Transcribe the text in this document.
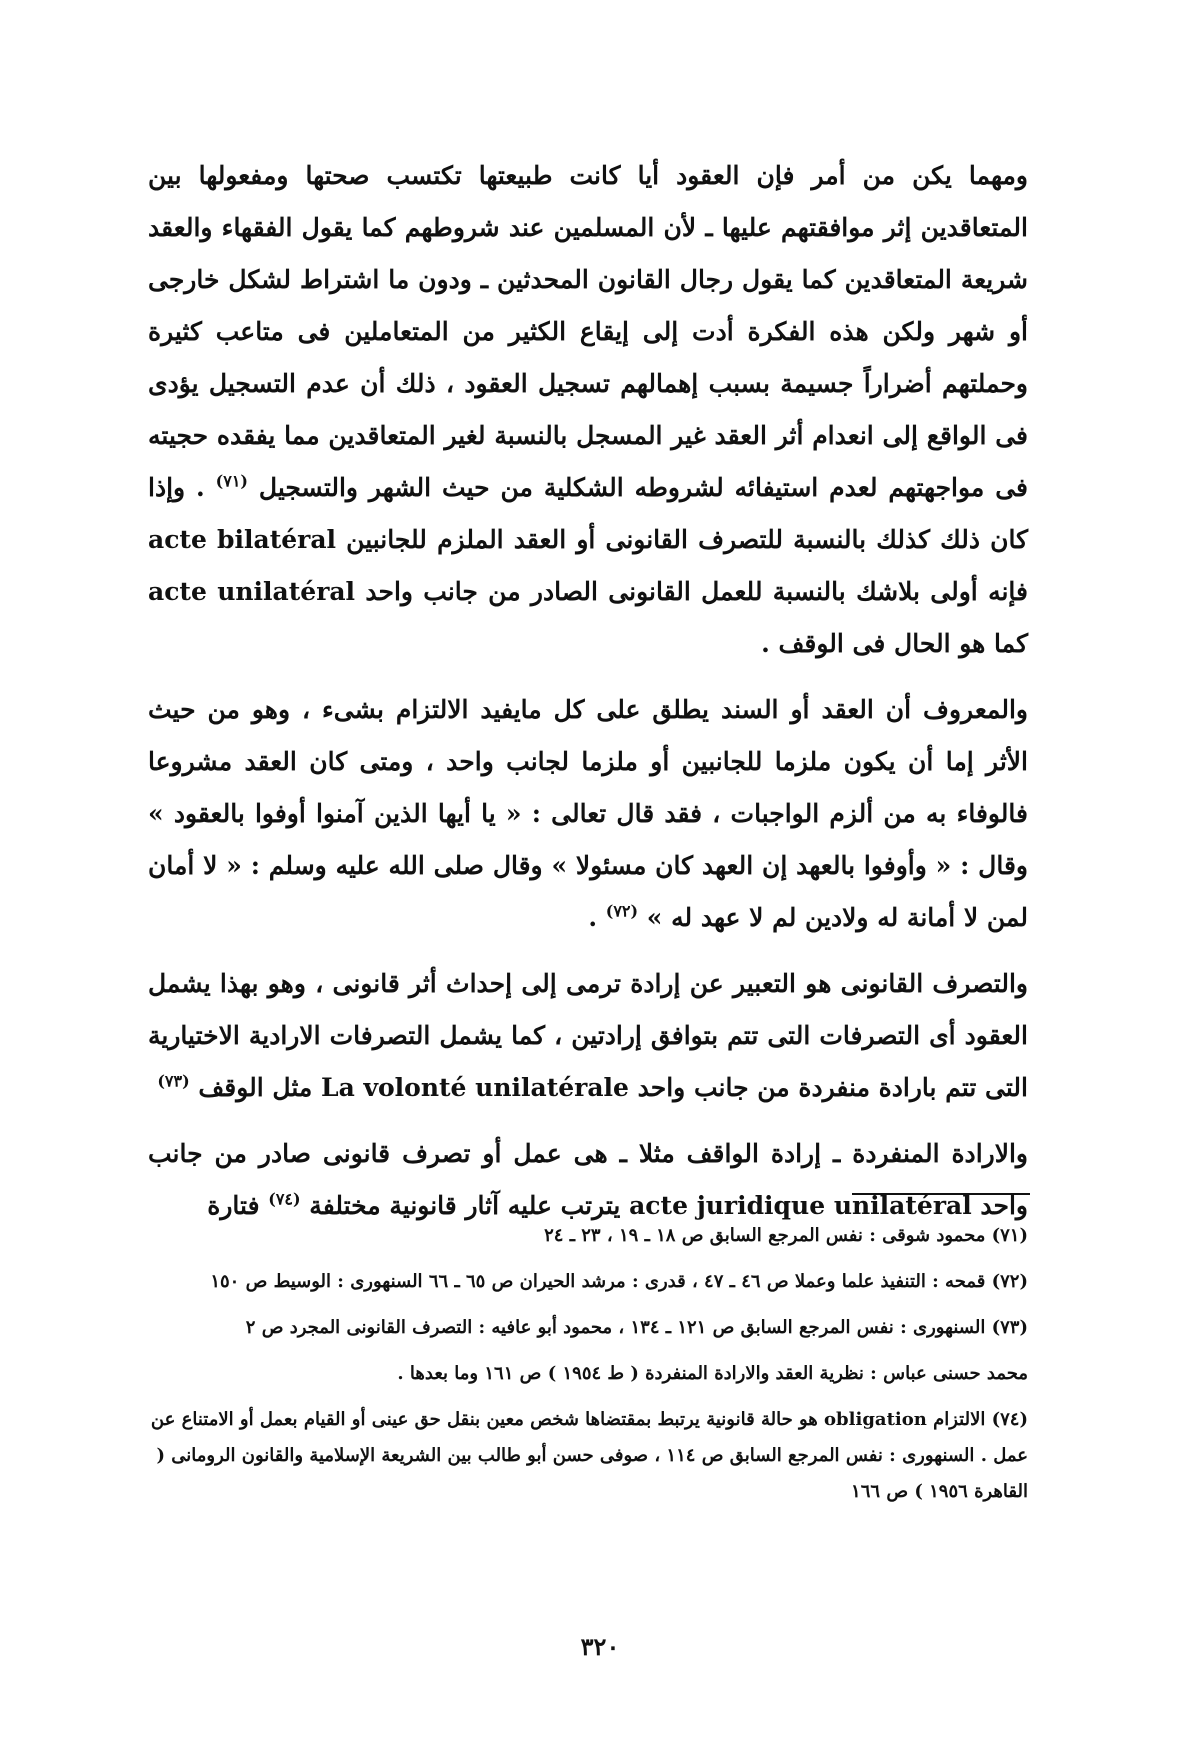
ومهما يكن من أمر فإن العقود أيا كانت طبيعتها تكتسب صحتها ومفعولها بين المتعاقدين إثر موافقتهم عليها ـ لأن المسلمين عند شروطهم كما يقول الفقهاء والعقد شريعة المتعاقدين كما يقول رجال القانون المحدثين ـ ودون ما اشتراط لشكل خارجى أو شهر ولكن هذه الفكرة أدت إلى إيقاع الكثير من المتعاملين فى متاعب كثيرة وحملتهم أضراراً جسيمة بسبب إهمالهم تسجيل العقود ، ذلك أن عدم التسجيل يؤدى فى الواقع إلى انعدام أثر العقد غير المسجل بالنسبة لغير المتعاقدين مما يفقده حجيته فى مواجهتهم لعدم استيفائه لشروطه الشكلية من حيث الشهر والتسجيل $^{(٧١)}$ . وإذا كان ذلك كذلك بالنسبة للتصرف القانونى أو العقد الملزم للجانبين acte bilatéral فإنه أولى بلاشك بالنسبة للعمل القانونى الصادر من جانب واحد acte unilatéral كما هو الحال فى الوقف .

والمعروف أن العقد أو السند يطلق على كل مايفيد الالتزام بشىء ، وهو من حيث الأثر إما أن يكون ملزما للجانبين أو ملزما لجانب واحد ، ومتى كان العقد مشروعا فالوفاء به من ألزم الواجبات ، فقد قال تعالى : « يا أيها الذين آمنوا أوفوا بالعقود » وقال : « وأوفوا بالعهد إن العهد كان مسئولا » وقال صلى الله عليه وسلم : « لا أمان لمن لا أمانة له ولادين لم لا عهد له » $^{(٧٢)}$ .

والتصرف القانونى هو التعبير عن إرادة ترمى إلى إحداث أثر قانونى ، وهو بهذا يشمل العقود أى التصرفات التى تتم بتوافق إرادتين ، كما يشمل التصرفات الارادية الاختيارية التى تتم بارادة منفردة من جانب واحد La volonté unilatérale مثل الوقف $^{(٧٣)}$

والارادة المنفردة ـ إرادة الواقف مثلا ـ هى عمل أو تصرف قانونى صادر من جانب واحد acte juridique unilatéral يترتب عليه آثار قانونية مختلفة $^{(٧٤)}$ فتارة

(٧١) محمود شوقى : نفس المرجع السابق ص ١٨ ـ ١٩ ، ٢٣ ـ ٢٤

(٧٢) قمحه : التنفيذ علما وعملا ص ٤٦ ـ ٤٧ ، قدرى : مرشد الحيران ص ٦٥ ـ ٦٦ السنهورى : الوسيط ص ١٥٠

(٧٣) السنهورى : نفس المرجع السابق ص ١٢١ ـ ١٣٤ ، محمود أبو عافيه : التصرف القانونى المجرد ص ٢

محمد حسنى عباس : نظرية العقد والارادة المنفردة ( ط ١٩٥٤ ) ص ١٦١ وما بعدها .

(٧٤) الالتزام obligation هو حالة قانونية يرتبط بمقتضاها شخص معين بنقل حق عينى أو القيام بعمل أو الامتناع عن عمل . السنهورى : نفس المرجع السابق ص ١١٤ ، صوفى حسن أبو طالب بين الشريعة الإسلامية والقانون الرومانى ( القاهرة ١٩٥٦ ) ص ١٦٦

٣٢٠
